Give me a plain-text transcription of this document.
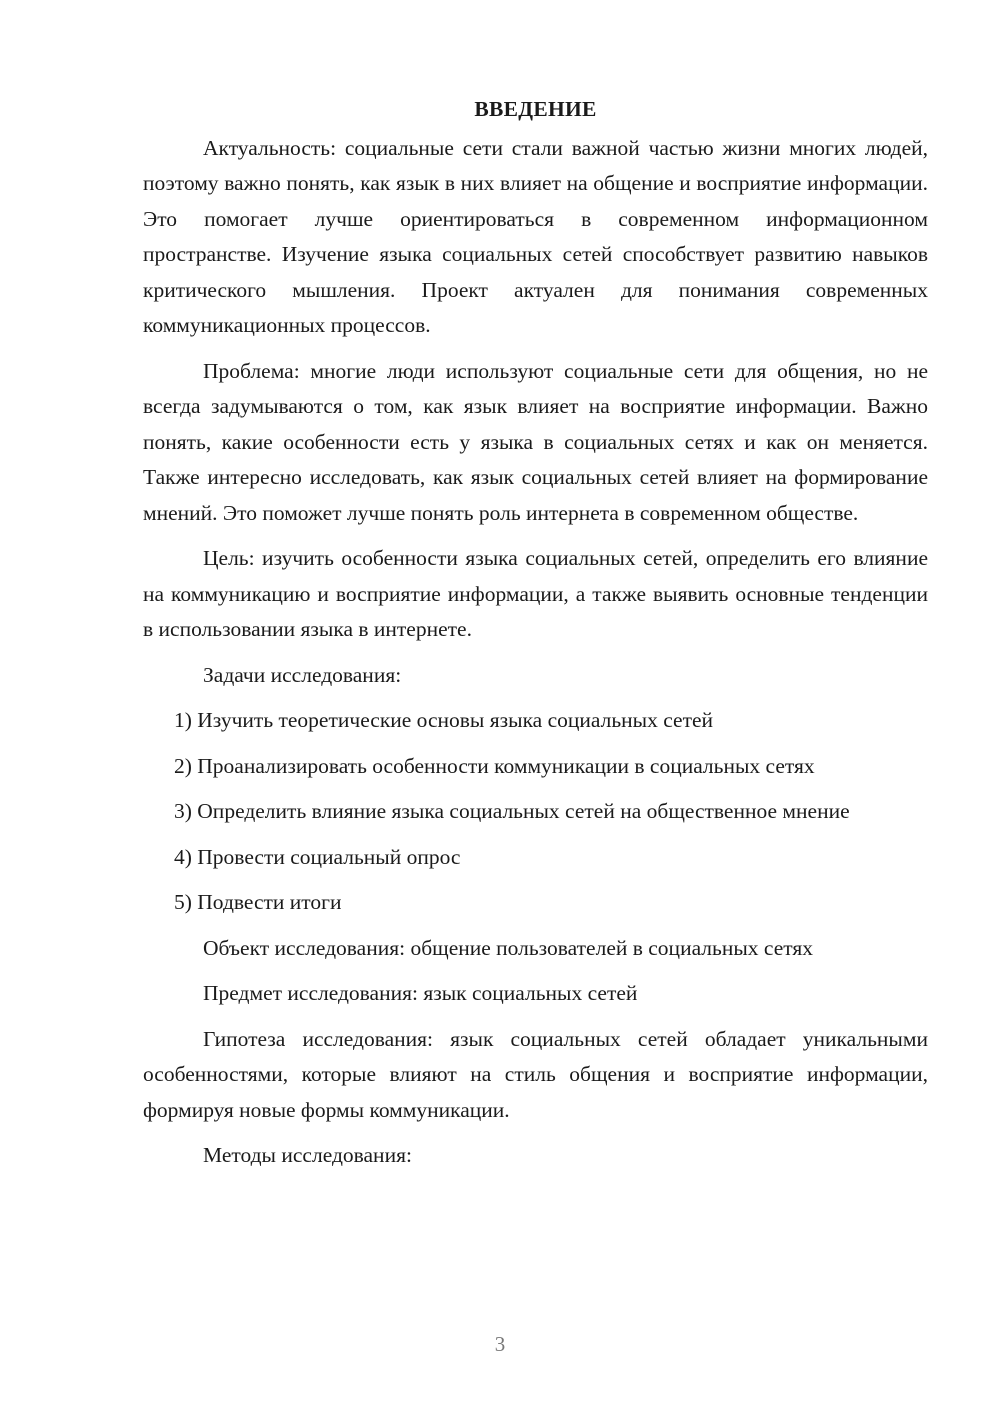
ВВЕДЕНИЕ

Актуальность: социальные сети стали важной частью жизни многих людей, поэтому важно понять, как язык в них влияет на общение и восприятие информации. Это помогает лучше ориентироваться в современном информационном пространстве. Изучение языка социальных сетей способствует развитию навыков критического мышления. Проект актуален для понимания современных коммуникационных процессов.

Проблема: многие люди используют социальные сети для общения, но не всегда задумываются о том, как язык влияет на восприятие информации. Важно понять, какие особенности есть у языка в социальных сетях и как он меняется. Также интересно исследовать, как язык социальных сетей влияет на формирование мнений. Это поможет лучше понять роль интернета в современном обществе.

Цель: изучить особенности языка социальных сетей, определить его влияние на коммуникацию и восприятие информации, а также выявить основные тенденции в использовании языка в интернете.

Задачи исследования:

1) Изучить теоретические основы языка социальных сетей

2) Проанализировать особенности коммуникации в социальных сетях

3) Определить влияние языка социальных сетей на общественное мнение

4) Провести социальный опрос

5) Подвести итоги

Объект исследования: общение пользователей в социальных сетях

Предмет исследования: язык социальных сетей

Гипотеза исследования: язык социальных сетей обладает уникальными особенностями, которые влияют на стиль общения и восприятие информации, формируя новые формы коммуникации.

Методы исследования:

3
